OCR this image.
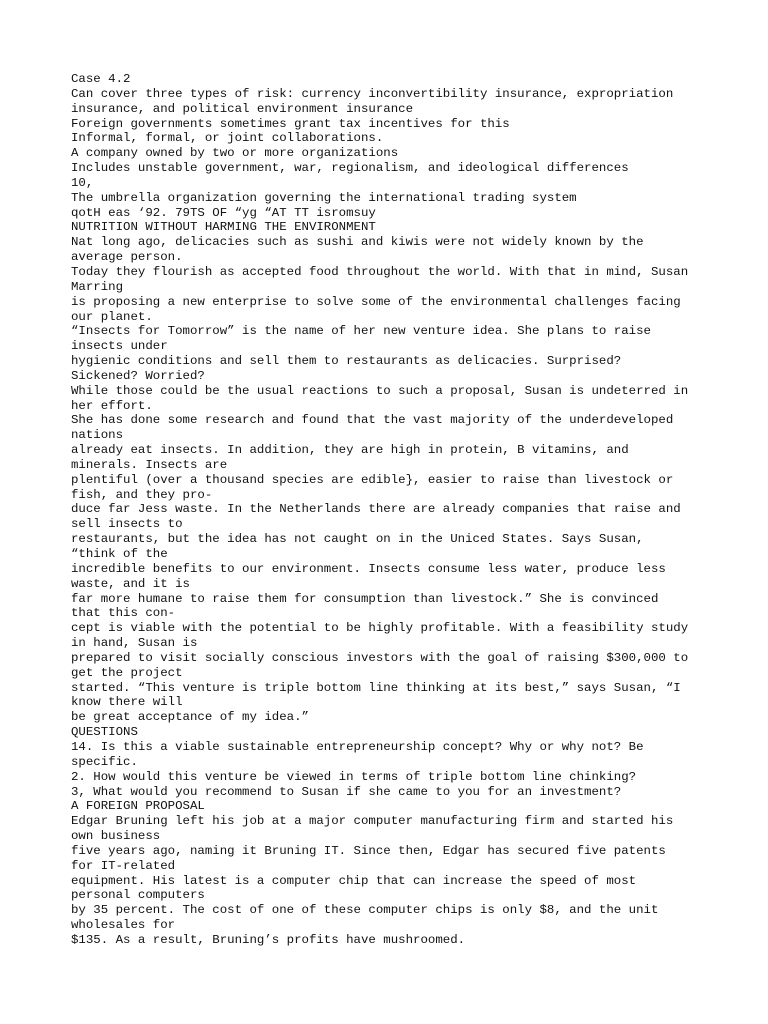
Case 4.2
Can cover three types of risk: currency inconvertibility insurance, expropriation
insurance, and political environment insurance
Foreign governments sometimes grant tax incentives for this
Informal, formal, or joint collaborations.
A company owned by two or more organizations
Includes unstable government, war, regionalism, and ideological differences
10,
The umbrella organization governing the international trading system
qotH eas ‘92. 79TS OF “yg “AT TT isromsuy
NUTRITION WITHOUT HARMING THE ENVIRONMENT
Nat long ago, delicacies such as sushi and kiwis were not widely known by the
average person.
Today they flourish as accepted food throughout the world. With that in mind, Susan
Marring
is proposing a new enterprise to solve some of the environmental challenges facing
our planet.
“Insects for Tomorrow” is the name of her new venture idea. She plans to raise
insects under
hygienic conditions and sell them to restaurants as delicacies. Surprised?
Sickened? Worried?
While those could be the usual reactions to such a proposal, Susan is undeterred in
her effort.
She has done some research and found that the vast majority of the underdeveloped
nations
already eat insects. In addition, they are high in protein, B vitamins, and
minerals. Insects are
plentiful (over a thousand species are edible}, easier to raise than livestock or
fish, and they pro-
duce far Jess waste. In the Netherlands there are already companies that raise and
sell insects to
restaurants, but the idea has not caught on in the Uniced States. Says Susan,
“think of the
incredible benefits to our environment. Insects consume less water, produce less
waste, and it is
far more humane to raise them for consumption than livestock.” She is convinced
that this con-
cept is viable with the potential to be highly profitable. With a feasibility study
in hand, Susan is
prepared to visit socially conscious investors with the goal of raising $300,000 to
get the project
started. “This venture is triple bottom line thinking at its best,” says Susan, “I
know there will
be great acceptance of my idea.”
QUESTIONS
14. Is this a viable sustainable entrepreneurship concept? Why or why not? Be
specific.
2. How would this venture be viewed in terms of triple bottom line chinking?
3, What would you recommend to Susan if she came to you for an investment?
A FOREIGN PROPOSAL
Edgar Bruning left his job at a major computer manufacturing firm and started his
own business
five years ago, naming it Bruning IT. Since then, Edgar has secured five patents
for IT-related
equipment. His latest is a computer chip that can increase the speed of most
personal computers
by 35 percent. The cost of one of these computer chips is only $8, and the unit
wholesales for
$135. As a result, Bruning’s profits have mushroomed.
